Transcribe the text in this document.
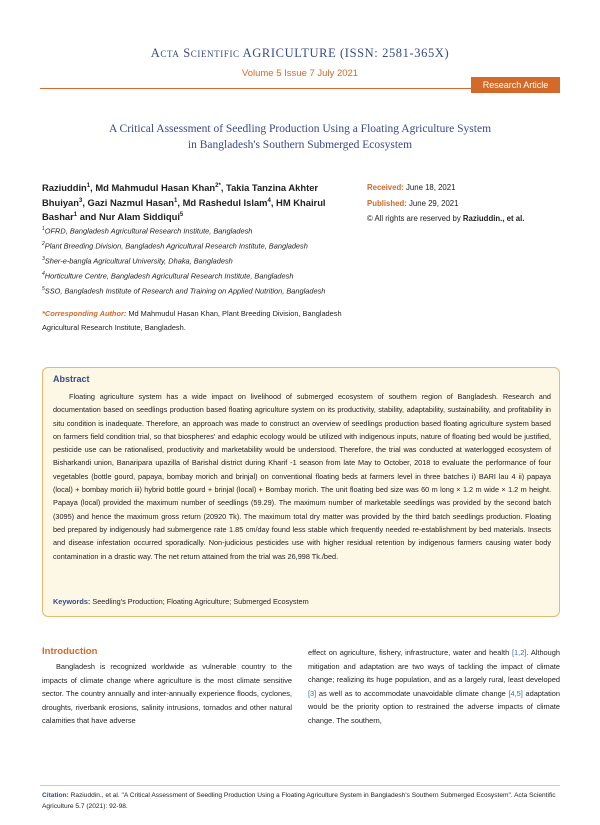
Acta Scientific AGRICULTURE (ISSN: 2581-365X)
Volume 5 Issue 7 July 2021
Research Article
A Critical Assessment of Seedling Production Using a Floating Agriculture System
in Bangladesh's Southern Submerged Ecosystem
Raziuddin$^1$, Md Mahmudul Hasan Khan$^{2*}$, Takia Tanzina Akhter Bhuiyan$^3$, Gazi Nazmul Hasan$^1$, Md Rashedul Islam$^4$, HM Khairul Bashar$^1$ and Nur Alam Siddiqui$^5$
$^1$OFRD, Bangladesh Agricultural Research Institute, Bangladesh
$^2$Plant Breeding Division, Bangladesh Agricultural Research Institute, Bangladesh
$^3$Sher-e-bangla Agricultural University, Dhaka, Bangladesh
$^4$Horticulture Centre, Bangladesh Agricultural Research Institute, Bangladesh
$^5$SSO, Bangladesh Institute of Research and Training on Applied Nutrition, Bangladesh
*Corresponding Author: Md Mahmudul Hasan Khan, Plant Breeding Division, Bangladesh Agricultural Research Institute, Bangladesh.
Received: June 18, 2021
Published: June 29, 2021
© All rights are reserved by Raziuddin., et al.
Abstract
Floating agriculture system has a wide impact on livelihood of submerged ecosystem of southern region of Bangladesh. Research and documentation based on seedlings production based floating agriculture system on its productivity, stability, adaptability, sustainability, and profitability in situ condition is inadequate. Therefore, an approach was made to construct an overview of seedlings production based floating agriculture system based on farmers field condition trial, so that biospheres' and edaphic ecology would be utilized with indigenous inputs, nature of floating bed would be justified, pesticide use can be rationalised, productivity and marketability would be understood. Therefore, the trial was conducted at waterlogged ecosystem of Bisharkandi union, Banaripara upazilla of Barishal district during Kharif -1 season from late May to October, 2018 to evaluate the performance of four vegetables (bottle gourd, papaya, bombay morich and brinjal) on conventional floating beds at farmers level in three batches i) BARI lau 4 ii) papaya (local) + bombay morich iii) hybrid bottle gourd + brinjal (local) + Bombay morich. The unit floating bed size was 60 m long × 1.2 m wide × 1.2 m height. Papaya (local) provided the maximum number of seedlings (59.29). The maximum number of marketable seedlings was provided by the second batch (3095) and hence the maximum gross return (20920 Tk). The maximum total dry matter was provided by the third batch seedlings production. Floating bed prepared by indigenously had submergence rate 1.85 cm/day found less stable which frequently needed re-establishment by bed materials. Insects and disease infestation occurred sporadically. Non-judicious pesticides use with higher residual retention by indigenous farmers causing water body contamination in a drastic way. The net return attained from the trial was 26,998 Tk./bed.
Keywords: Seedling's Production; Floating Agriculture; Submerged Ecosystem
Introduction
Bangladesh is recognized worldwide as vulnerable country to the impacts of climate change where agriculture is the most climate sensitive sector. The country annually and inter-annually experience floods, cyclones, droughts, riverbank erosions, salinity intrusions, tornados and other natural calamities that have adverse
effect on agriculture, fishery, infrastructure, water and health [1,2]. Although mitigation and adaptation are two ways of tackling the impact of climate change; realizing its huge population, and as a largely rural, least developed [3] as well as to accommodate unavoidable climate change [4,5] adaptation would be the priority option to restrained the adverse impacts of climate change. The southern,
Citation: Raziuddin., et al. "A Critical Assessment of Seedling Production Using a Floating Agriculture System in Bangladesh's Southern Submerged Ecosystem". Acta Scientific Agriculture 5.7 (2021): 92-98.
